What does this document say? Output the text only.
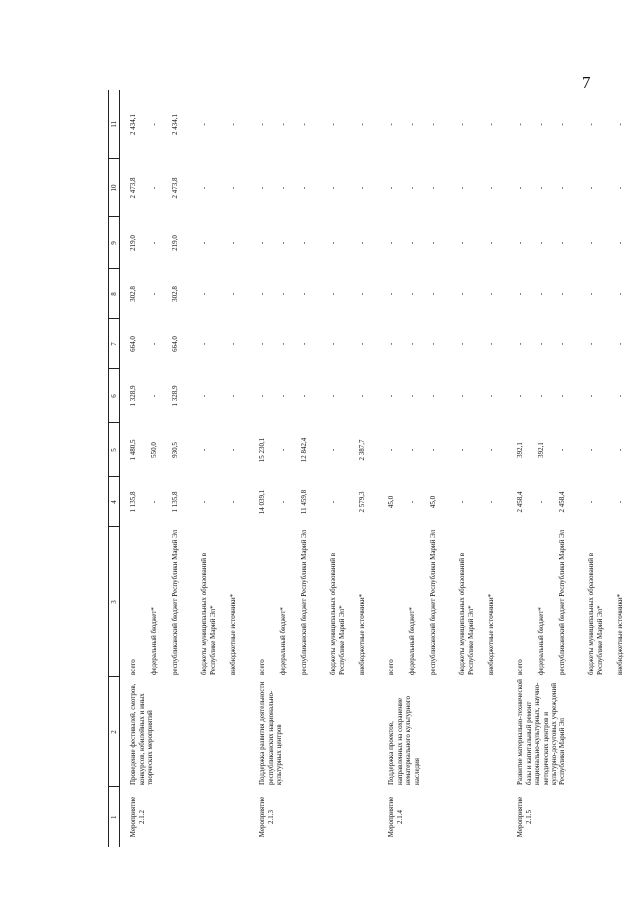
7
1	2	3	4	5	6	7	8	9	10	11
Мероприятие 2.1.2	Проведение фестивалей, смотров, конкурсов, юбилейных и иных творческих мероприятий	всего	1 135,8	1 480,5	1 328,9	664,0	302,8	219,0	2 473,8	2 434,1
		федеральный бюджет*	-	550,0	-	-	-	-	-	-
		республиканский бюджет Республики Марий Эл	1 135,8	930,5	1 328,9	664,0	302,8	219,0	2 473,8	2 434,1
		бюджеты муниципальных образований в Республике Марий Эл*	-	-	-	-	-	-	-	-
		внебюджетные источники*	-	-	-	-	-	-	-	-
Мероприятие 2.1.3	Поддержка развития деятельности республиканских национально-культурных центров	всего	14 039,1	15 230,1	-	-	-	-	-	-
		федеральный бюджет*	-	-	-	-	-	-	-	-
		республиканский бюджет Республики Марий Эл	11 459,8	12 842,4	-	-	-	-	-	-
		бюджеты муниципальных образований в Республике Марий Эл*	-	-	-	-	-	-	-	-
		внебюджетные источники*	2 579,3	2 387,7	-	-	-	-	-	-
Мероприятие 2.1.4	Поддержка проектов, направленных на сохранение нематериального культурного наследия	всего	45,0	-	-	-	-	-	-	-
		федеральный бюджет*	-	-	-	-	-	-	-	-
		республиканский бюджет Республики Марий Эл	45,0	-	-	-	-	-	-	-
		бюджеты муниципальных образований в Республике Марий Эл*	-	-	-	-	-	-	-	-
		внебюджетные источники*	-	-	-	-	-	-	-	-
Мероприятие 2.1.5	Развитие материально-технической базы и капитальный ремонт национально-культурных, научно-методических центров и культурно-досуговых учреждений Республики Марий Эл	всего	2 458,4	392,1	-	-	-	-	-	-
		федеральный бюджет*	-	392,1	-	-	-	-	-	-
		республиканский бюджет Республики Марий Эл	2 458,4	-	-	-	-	-	-	-
		бюджеты муниципальных образований в Республике Марий Эл*	-	-	-	-	-	-	-	-
		внебюджетные источники*	-	-	-	-	-	-	-	-
